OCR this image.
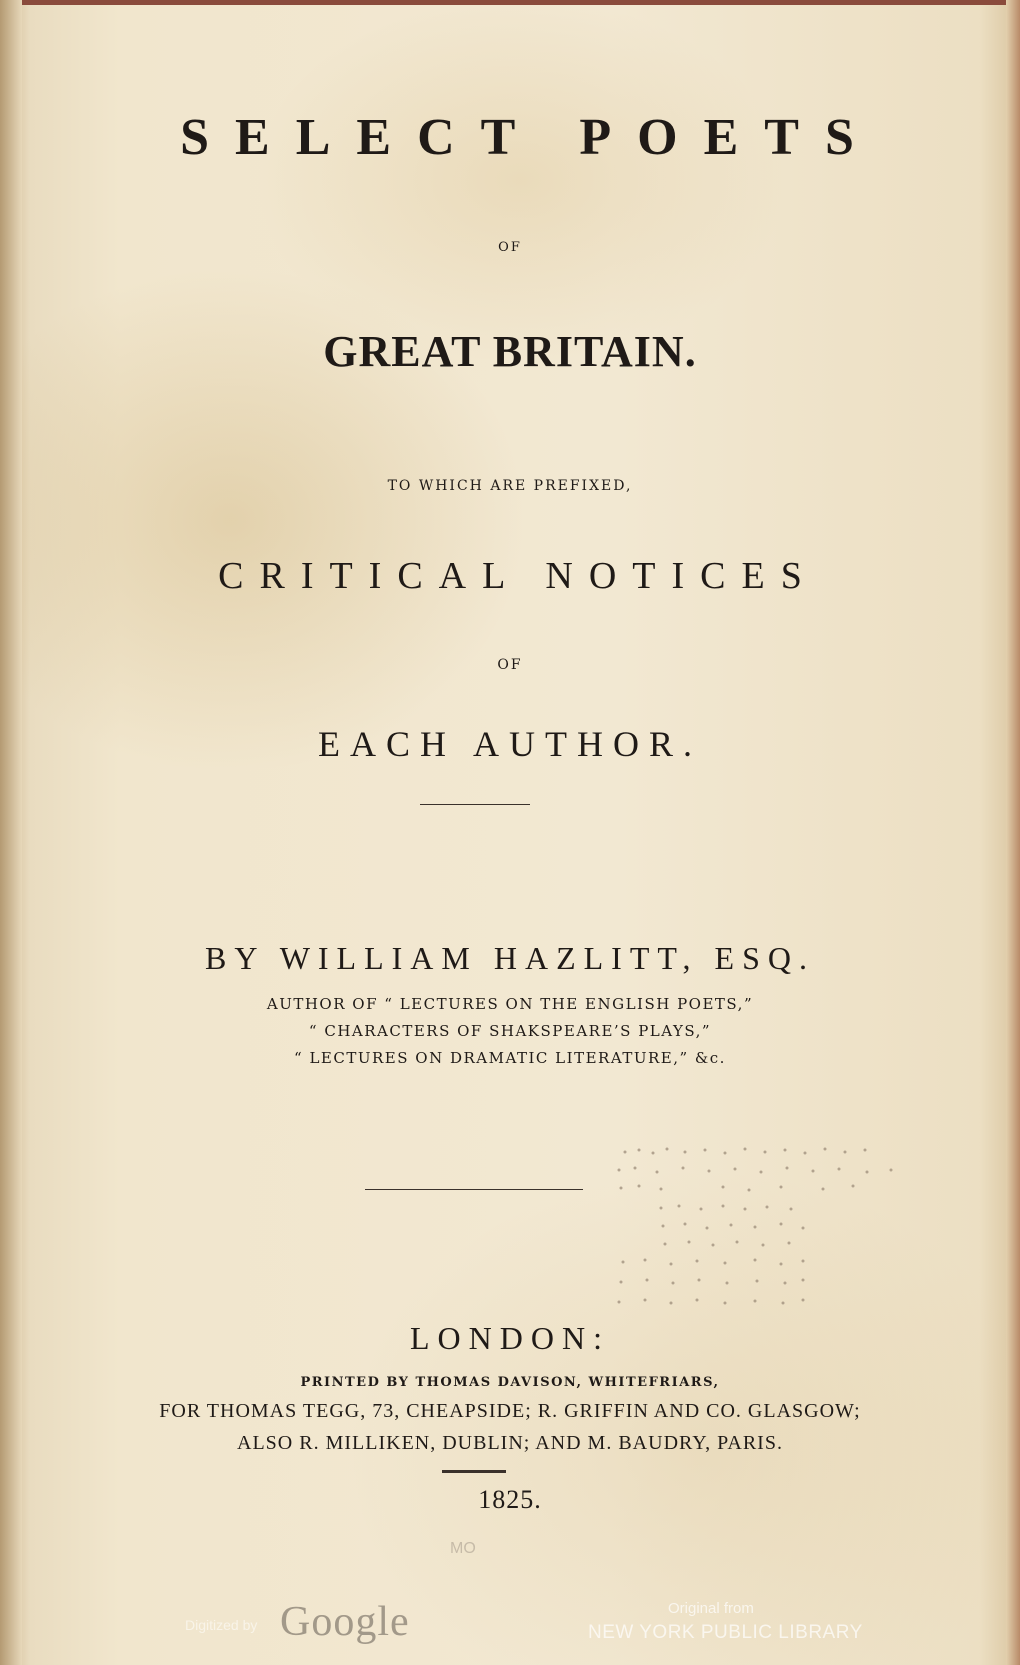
SELECT POETS

OF

GREAT BRITAIN.

TO WHICH ARE PREFIXED,

CRITICAL NOTICES

OF

EACH AUTHOR.

BY WILLIAM HAZLITT, ESQ.

AUTHOR OF “ LECTURES ON THE ENGLISH POETS,”

“ CHARACTERS OF SHAKSPEARE’S PLAYS,”

“ LECTURES ON DRAMATIC LITERATURE,” &c.

LONDON:

PRINTED BY THOMAS DAVISON, WHITEFRIARS,

FOR THOMAS TEGG, 73, CHEAPSIDE; R. GRIFFIN AND CO. GLASGOW;

ALSO R. MILLIKEN, DUBLIN; AND M. BAUDRY, PARIS.

1825.

MO
Digitized by Google	Original from
NEW YORK PUBLIC LIBRARY
